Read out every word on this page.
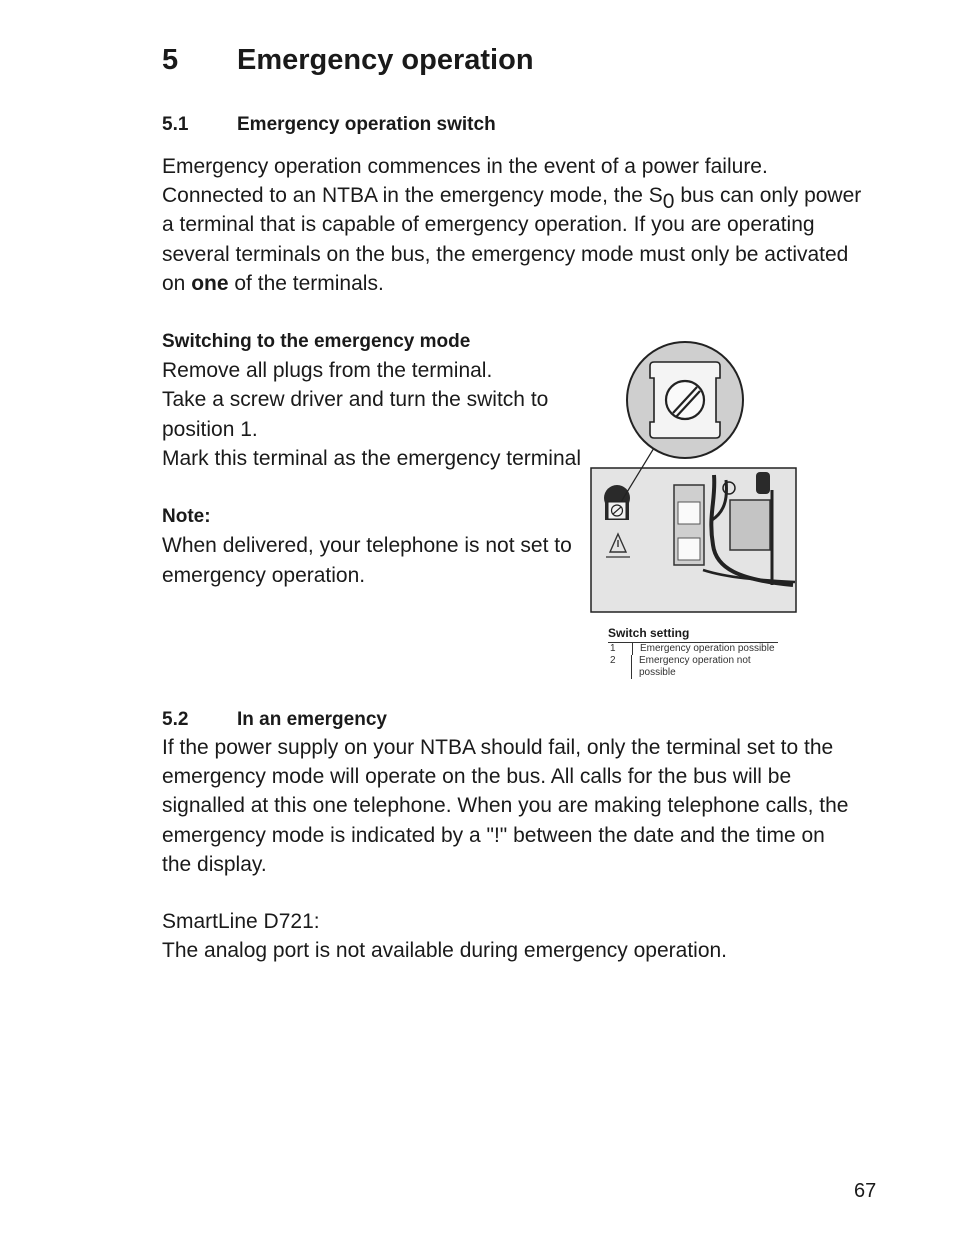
5 Emergency operation
5.1	Emergency operation switch
Emergency operation commences in the event of a power failure.
Connected to an NTBA in the emergency mode, the $S_0$ bus can only power
a terminal that is capable of emergency operation. If you are operating
several terminals on the bus, the emergency mode must only be activated
on one of the terminals.
Switching to the emergency mode
Remove all plugs from the terminal.
Take a screw driver and turn the switch to
position 1.
Mark this terminal as the emergency terminal

Note:
When delivered, your telephone is not set to
emergency operation.
Switch setting
1	Emergency operation possible
2	Emergency operation not possible
5.2	In an emergency
If the power supply on your NTBA should fail, only the terminal set to the
emergency mode will operate on the bus. All calls for the bus will be
signalled at this one telephone. When you are making telephone calls, the
emergency mode is indicated by a "!" between the date and the time on
the display.
SmartLine D721:
The analog port is not available during emergency operation.
67
